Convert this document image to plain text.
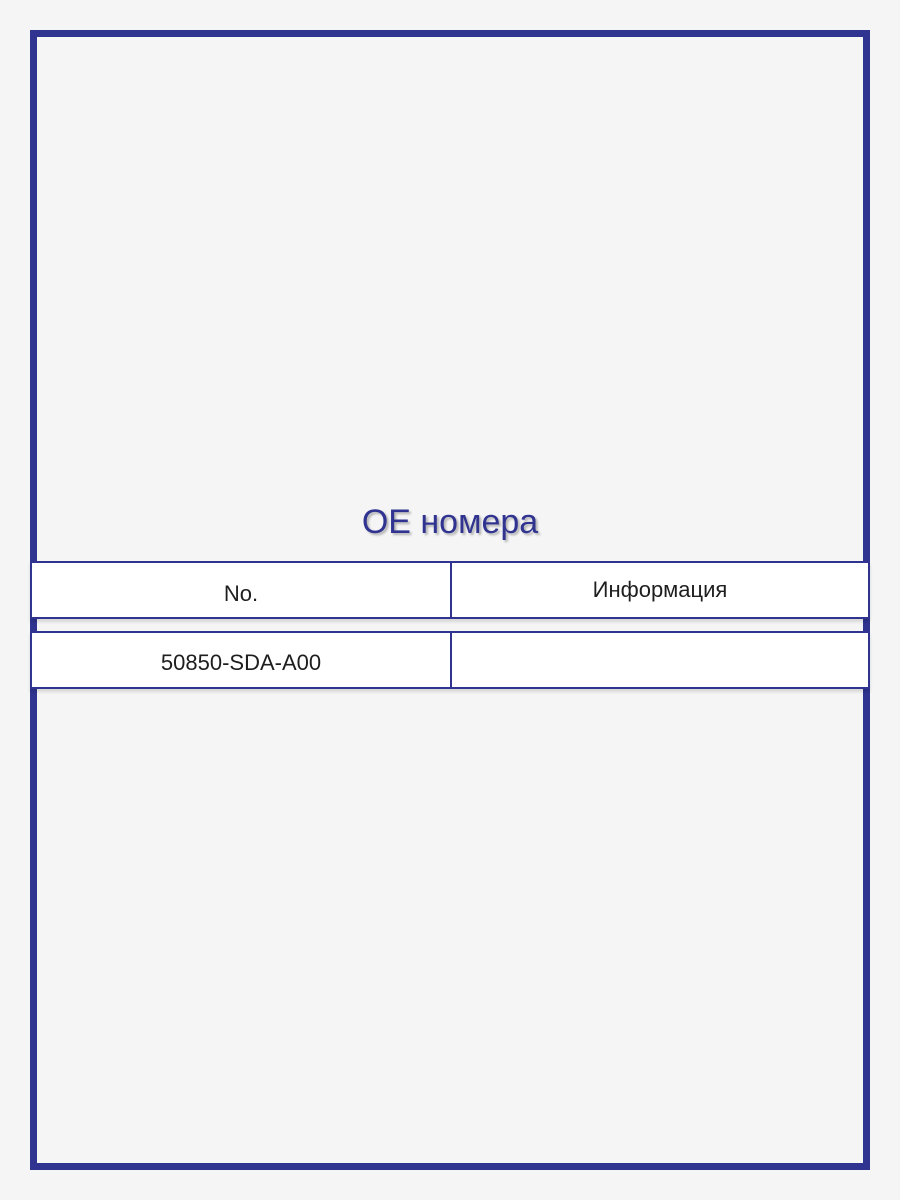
OE номера
No.	Информация
50850-SDA-A00
